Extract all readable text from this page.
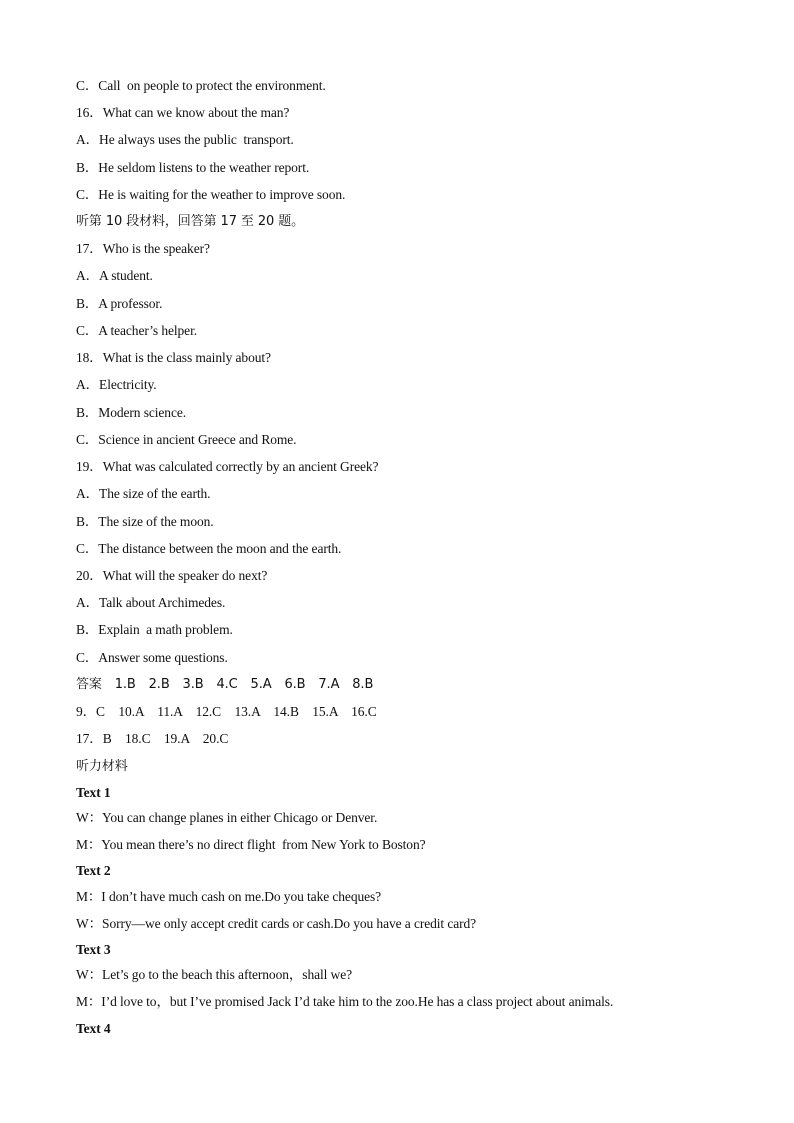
C．Call  on people to protect the environment.
16．What can we know about the man?
A．He always uses the public  transport.
B．He seldom listens to the weather report.
C．He is waiting for the weather to improve soon.
听第 10 段材料，回答第 17 至 20 题。
17．Who is the speaker?
A．A student.
B．A professor.
C．A teacher’s helper.
18．What is the class mainly about?
A．Electricity.
B．Modern science.
C．Science in ancient Greece and Rome.
19．What was calculated correctly by an ancient Greek?
A．The size of the earth.
B．The size of the moon.
C．The distance between the moon and the earth.
20．What will the speaker do next?
A．Talk about Archimedes.
B．Explain  a math problem.
C．Answer some questions.
答案　1.B　2.B　3.B　4.C　5.A　6.B　7.A　8.B
9．C　10.A　11.A　12.C　13.A　14.B　15.A　16.C
17．B　18.C　19.A　20.C
听力材料
Text 1
W：You can change planes in either Chicago or Denver.
M：You mean there’s no direct flight  from New York to Boston?
Text 2
M：I don’t have much cash on me.Do you take cheques?
W：Sorry—we only accept credit cards or cash.Do you have a credit card?
Text 3
W：Let’s go to the beach this afternoon，shall we?
M：I’d love to，but I’ve promised Jack I’d take him to the zoo.He has a class project about animals.
Text 4
